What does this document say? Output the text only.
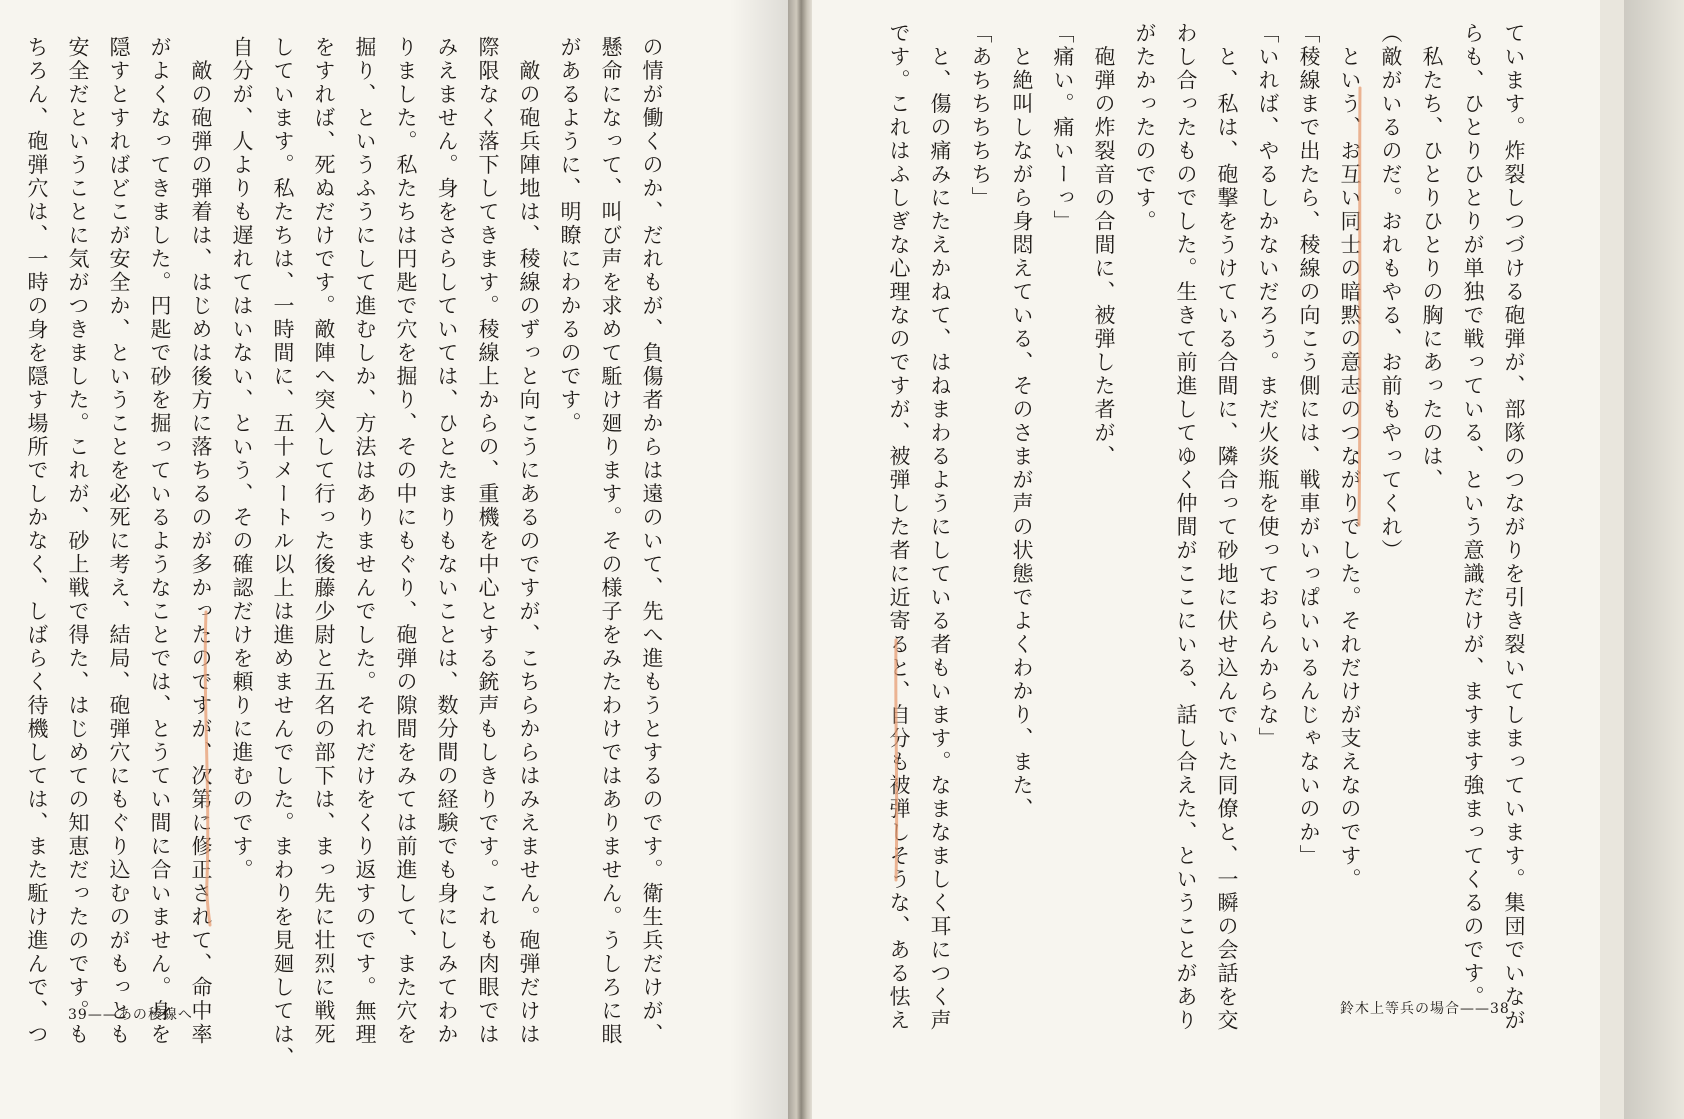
の情が働くのか、だれもが、負傷者からは遠のいて、先へ進もうとするのです。衛生兵だけが、
懸命になって、叫び声を求めて駈け廻ります。その様子をみたわけではありません。うしろに眼
があるように、明瞭にわかるのです。
　敵の砲兵陣地は、稜線のずっと向こうにあるのですが、こちらからはみえません。砲弾だけは
際限なく落下してきます。稜線上からの、重機を中心とする銃声もしきりです。これも肉眼では
みえません。身をさらしていては、ひとたまりもないことは、数分間の経験でも身にしみてわか
りました。私たちは円匙で穴を掘り、その中にもぐり、砲弾の隙間をみては前進して、また穴を
掘り、というふうにして進むしか、方法はありませんでした。それだけをくり返すのです。無理
をすれば、死ぬだけです。敵陣へ突入して行った後藤少尉と五名の部下は、まっ先に壮烈に戦死
しています。私たちは、一時間に、五十メートル以上は進めませんでした。まわりを見廻しては、
自分が、人よりも遅れてはいない、という、その確認だけを頼りに進むのです。
　敵の砲弾の弾着は、はじめは後方に落ちるのが多かったのですが、次第に修正されて、命中率
がよくなってきました。円匙で砂を掘っているようなことでは、とうてい間に合いません。身を
隠すとすればどこが安全か、ということを必死に考え、結局、砲弾穴にもぐり込むのがもっとも
安全だということに気がつきました。これが、砂上戦で得た、はじめての知恵だったのです。も
ちろん、砲弾穴は、一時の身を隠す場所でしかなく、しばらく待機しては、また駈け進んで、つ	39——あの稜線へ	ています。炸裂しつづける砲弾が、部隊のつながりを引き裂いてしまっています。集団でいなが
らも、ひとりひとりが単独で戦っている、という意識だけが、ますます強まってくるのです。
　私たち、ひとりひとりの胸にあったのは、
（敵がいるのだ。おれもやる、お前もやってくれ）
　という、お互い同士の暗黙の意志のつながりでした。それだけが支えなのです。
「稜線まで出たら、稜線の向こう側には、戦車がいっぱいいるんじゃないのか」
「いれば、やるしかないだろう。まだ火炎瓶を使っておらんからな」
　と、私は、砲撃をうけている合間に、隣合って砂地に伏せ込んでいた同僚と、一瞬の会話を交
わし合ったものでした。生きて前進してゆく仲間がここにいる、話し合えた、ということがあり
がたかったのです。
　砲弾の炸裂音の合間に、被弾した者が、
「痛い。痛いーっ」
　と絶叫しながら身悶えている、そのさまが声の状態でよくわかり、また、
「あちちちちち」
　と、傷の痛みにたえかねて、はねまわるようにしている者もいます。なまなましく耳につく声
です。これはふしぎな心理なのですが、被弾した者に近寄ると、自分も被弾しそうな、ある怯え	鈴木上等兵の場合——38
